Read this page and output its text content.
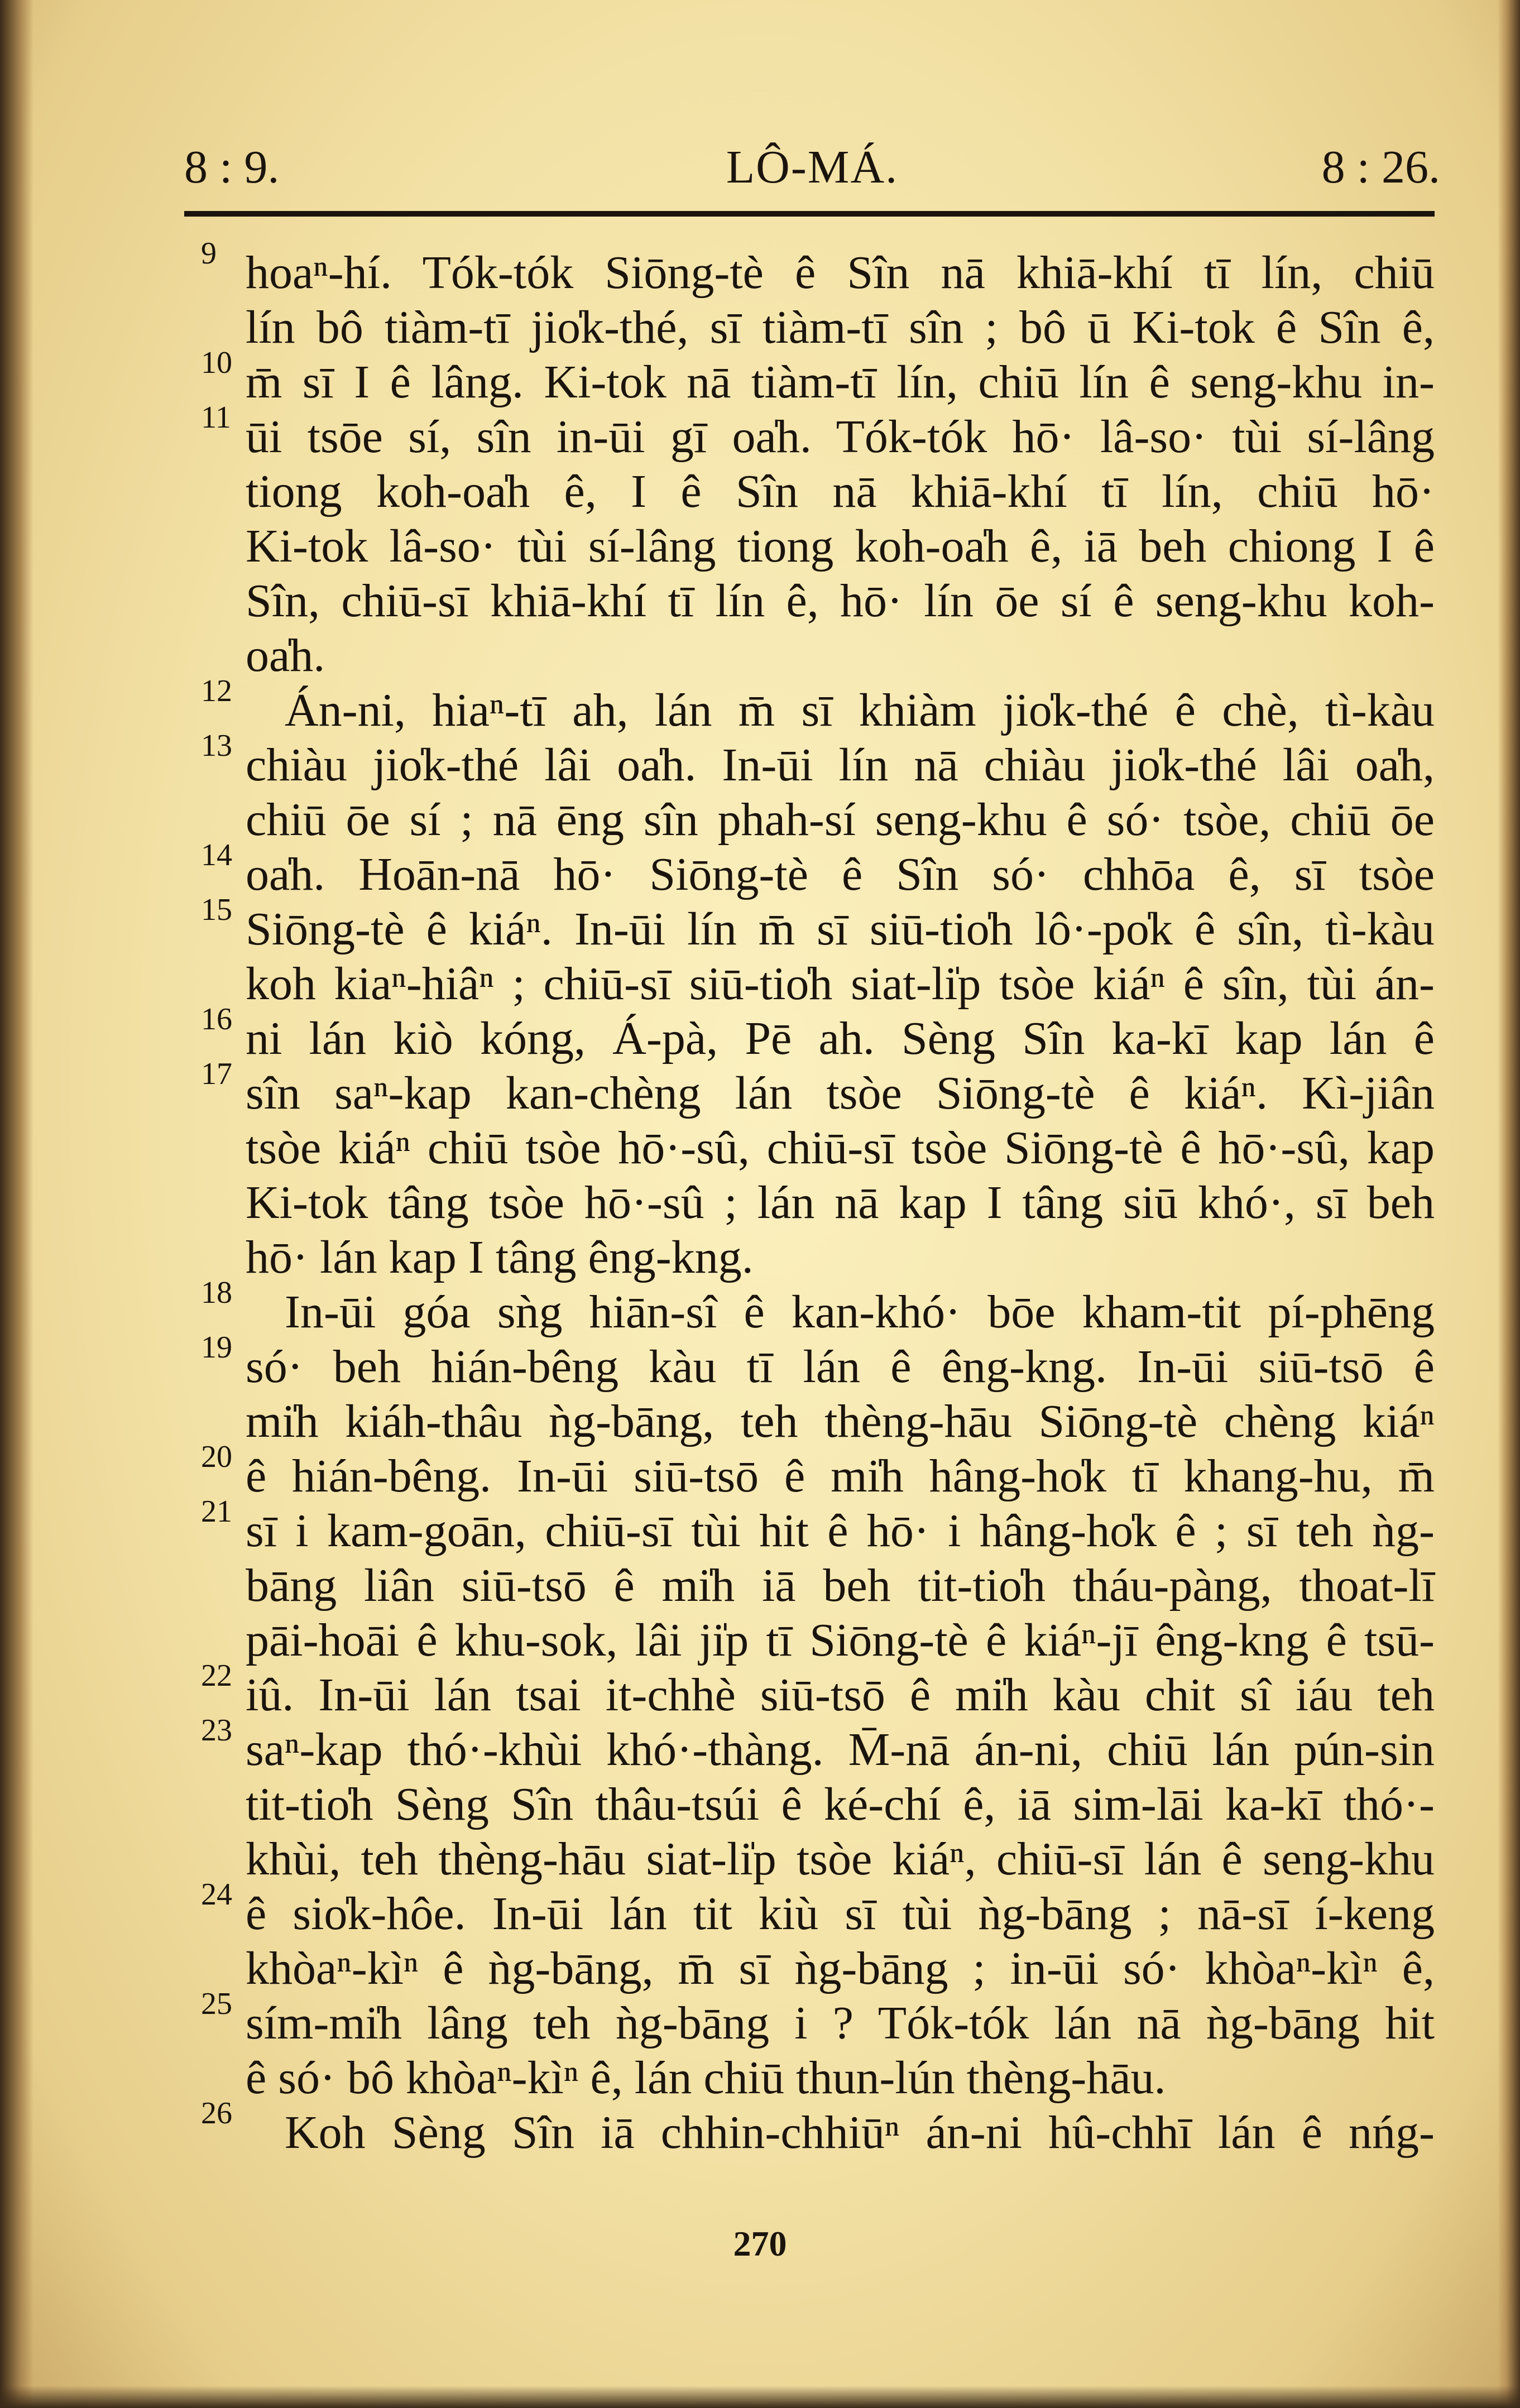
8 : 9.	LÔ-MÁ.	8 : 26.
9 hoaⁿ-hí. Tók-tók Siōng-tè ê Sîn nā khiā-khí tī lín, chiū
lín bô tiàm-tī jio̍k-thé, sī tiàm-tī sîn ; bô ū Ki-tok ê Sîn ê,
10 m̄ sī I ê lâng. Ki-tok nā tiàm-tī lín, chiū lín ê seng-khu in-
11 ūi tsōe sí, sîn in-ūi gī oa̍h. Tók-tók hō· lâ-so· tùi sí-lâng
tiong koh-oa̍h ê, I ê Sîn nā khiā-khí tī lín, chiū hō·
Ki-tok lâ-so· tùi sí-lâng tiong koh-oa̍h ê, iā beh chiong I ê
Sîn, chiū-sī khiā-khí tī lín ê, hō· lín ōe sí ê seng-khu koh-
oa̍h.
12 Án-ni, hiaⁿ-tī ah, lán m̄ sī khiàm jio̍k-thé ê chè, tì-kàu
13 chiàu jio̍k-thé lâi oa̍h. In-ūi lín nā chiàu jio̍k-thé lâi oa̍h,
chiū ōe sí ; nā ēng sîn phah-sí seng-khu ê só· tsòe, chiū ōe
14 oa̍h. Hoān-nā hō· Siōng-tè ê Sîn só· chhōa ê, sī tsòe
15 Siōng-tè ê kiáⁿ. In-ūi lín m̄ sī siū-tio̍h lô·-po̍k ê sîn, tì-kàu
koh kiaⁿ-hiâⁿ ; chiū-sī siū-tio̍h siat-li̍p tsòe kiáⁿ ê sîn, tùi án-
16 ni lán kiò kóng, Á-pà, Pē ah. Sèng Sîn ka-kī kap lán ê
17 sîn saⁿ-kap kan-chèng lán tsòe Siōng-tè ê kiáⁿ. Kì-jiân
tsòe kiáⁿ chiū tsòe hō·-sû, chiū-sī tsòe Siōng-tè ê hō·-sû, kap
Ki-tok tâng tsòe hō·-sû ; lán nā kap I tâng siū khó·, sī beh
hō· lán kap I tâng êng-kng.
18 In-ūi góa sǹg hiān-sî ê kan-khó· bōe kham-tit pí-phēng
19 só· beh hián-bêng kàu tī lán ê êng-kng. In-ūi siū-tsō ê
mi̍h kiáh-thâu ǹg-bāng, teh thèng-hāu Siōng-tè chèng kiáⁿ
20 ê hián-bêng. In-ūi siū-tsō ê mi̍h hâng-ho̍k tī khang-hu, m̄
21 sī i kam-goān, chiū-sī tùi hit ê hō· i hâng-ho̍k ê ; sī teh ǹg-
bāng liân siū-tsō ê mi̍h iā beh tit-tio̍h tháu-pàng, thoat-lī
pāi-hoāi ê khu-sok, lâi ji̍p tī Siōng-tè ê kiáⁿ-jī êng-kng ê tsū-
22 iû. In-ūi lán tsai it-chhè siū-tsō ê mi̍h kàu chit sî iáu teh
23 saⁿ-kap thó·-khùi khó·-thàng. M̄-nā án-ni, chiū lán pún-sin
tit-tio̍h Sèng Sîn thâu-tsúi ê ké-chí ê, iā sim-lāi ka-kī thó·-
khùi, teh thèng-hāu siat-li̍p tsòe kiáⁿ, chiū-sī lán ê seng-khu
24 ê sio̍k-hôe. In-ūi lán tit kiù sī tùi ǹg-bāng ; nā-sī í-keng
khòaⁿ-kìⁿ ê ǹg-bāng, m̄ sī ǹg-bāng ; in-ūi só· khòaⁿ-kìⁿ ê,
25 sím-mi̍h lâng teh ǹg-bāng i ? Tók-tók lán nā ǹg-bāng hit
ê só· bô khòaⁿ-kìⁿ ê, lán chiū thun-lún thèng-hāu.
26 Koh Sèng Sîn iā chhin-chhiūⁿ án-ni hû-chhī lán ê nńg-
270
